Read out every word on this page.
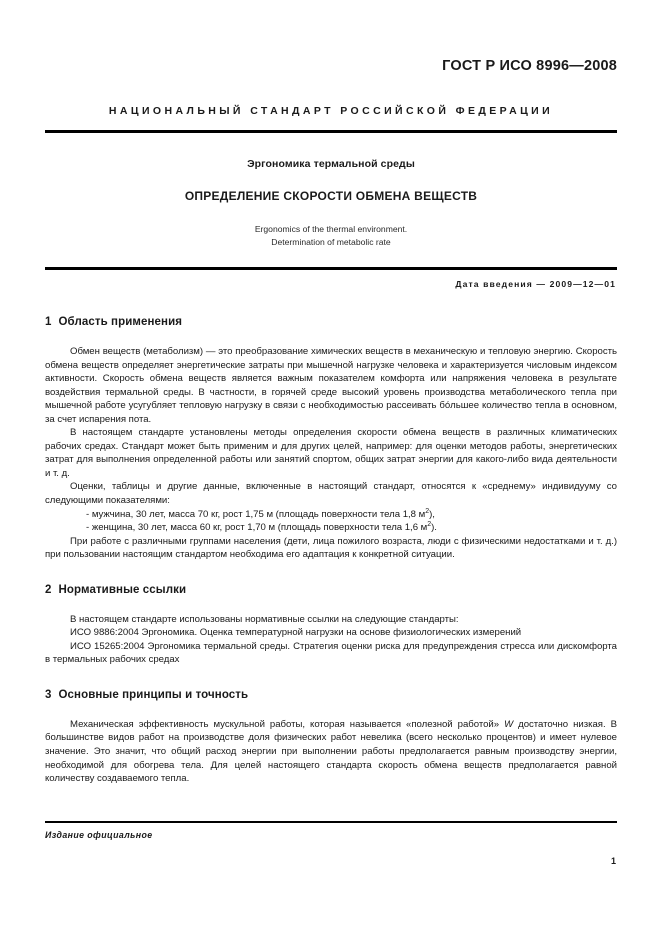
ГОСТ Р ИСО 8996—2008
НАЦИОНАЛЬНЫЙ СТАНДАРТ РОССИЙСКОЙ ФЕДЕРАЦИИ
Эргономика термальной среды
ОПРЕДЕЛЕНИЕ СКОРОСТИ ОБМЕНА ВЕЩЕСТВ
Ergonomics of the thermal environment.
Determination of metabolic rate
Дата введения — 2009—12—01
1 Область применения

Обмен веществ (метаболизм) — это преобразование химических веществ в механическую и тепловую энергию. Скорость обмена веществ определяет энергетические затраты при мышечной нагрузке человека и характеризуется числовым индексом активности. Скорость обмена веществ является важным показателем комфорта или напряжения человека в результате воздействия термальной среды. В частности, в горячей среде высокий уровень производства метаболического тепла при мышечной работе усугубляет тепловую нагрузку в связи с необходимостью рассеивать бо́льшее количество тепла в основном, за счет испарения пота.

В настоящем стандарте установлены методы определения скорости обмена веществ в различных климатических рабочих средах. Стандарт может быть применим и для других целей, например: для оценки методов работы, энергетических затрат для выполнения определенной работы или занятий спортом, общих затрат энергии для какого-либо вида деятельности и т. д.

Оценки, таблицы и другие данные, включенные в настоящий стандарт, относятся к «среднему» индивидууму со следующими показателями:

- мужчина, 30 лет, масса 70 кг, рост 1,75 м (площадь поверхности тела 1,8 $м^2$),

- женщина, 30 лет, масса 60 кг, рост 1,70 м (площадь поверхности тела 1,6 $м^2$).

При работе с различными группами населения (дети, лица пожилого возраста, люди с физическими недостатками и т. д.) при пользовании настоящим стандартом необходима его адаптация к конкретной ситуации.

2 Нормативные ссылки

В настоящем стандарте использованы нормативные ссылки на следующие стандарты:

ИСО 9886:2004 Эргономика. Оценка температурной нагрузки на основе физиологических измерений

ИСО 15265:2004 Эргономика термальной среды. Стратегия оценки риска для предупреждения стресса или дискомфорта в термальных рабочих средах

3 Основные принципы и точность

Механическая эффективность мускульной работы, которая называется «полезной работой» W достаточно низкая. В большинстве видов работ на производстве доля физических работ невелика (всего несколько процентов) и имеет нулевое значение. Это значит, что общий расход энергии при выполнении работы предполагается равным производству энергии, необходимой для обогрева тела. Для целей настоящего стандарта скорость обмена веществ предполагается равной количеству создаваемого тепла.

Издание официальное
1
